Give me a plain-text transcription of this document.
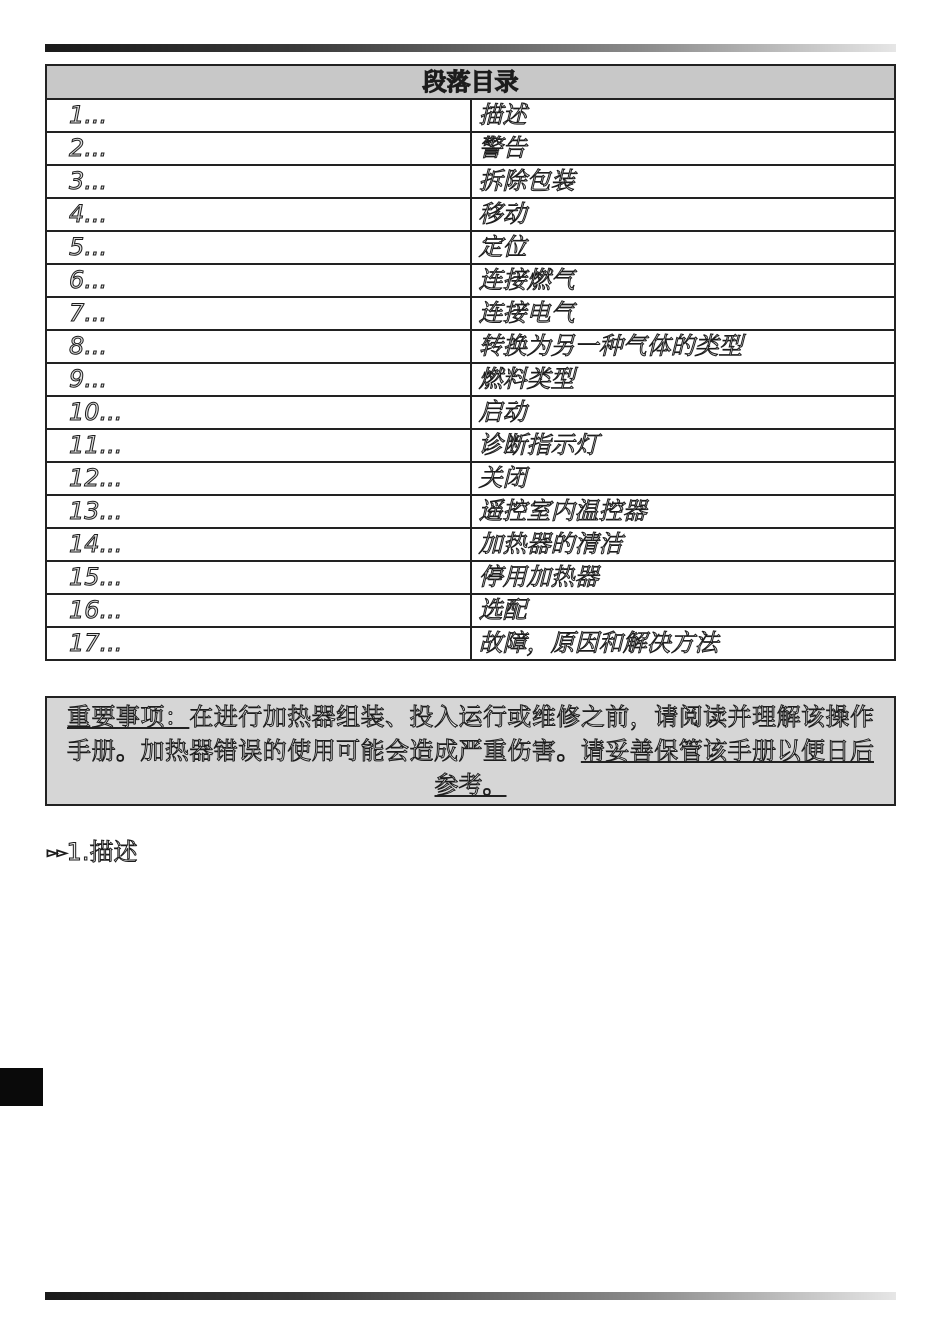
段落目录	
1...	描述
2...	警告
3...	拆除包装
4...	移动
5...	定位
6...	连接燃气
7...	连接电气
8...	转换为另一种气体的类型
9...	燃料类型
10...	启动
11...	诊断指示灯
12...	关闭
13...	遥控室内温控器
14...	加热器的清洁
15...	停用加热器
16...	选配
17...	故障，原因和解决方法
重要事项：在进行加热器组装、投入运行或维修之前，请阅读并理解该操作手册。加热器错误的使用可能会造成严重伤害。请妥善保管该手册以便日后参考。
▻▻1.描述
